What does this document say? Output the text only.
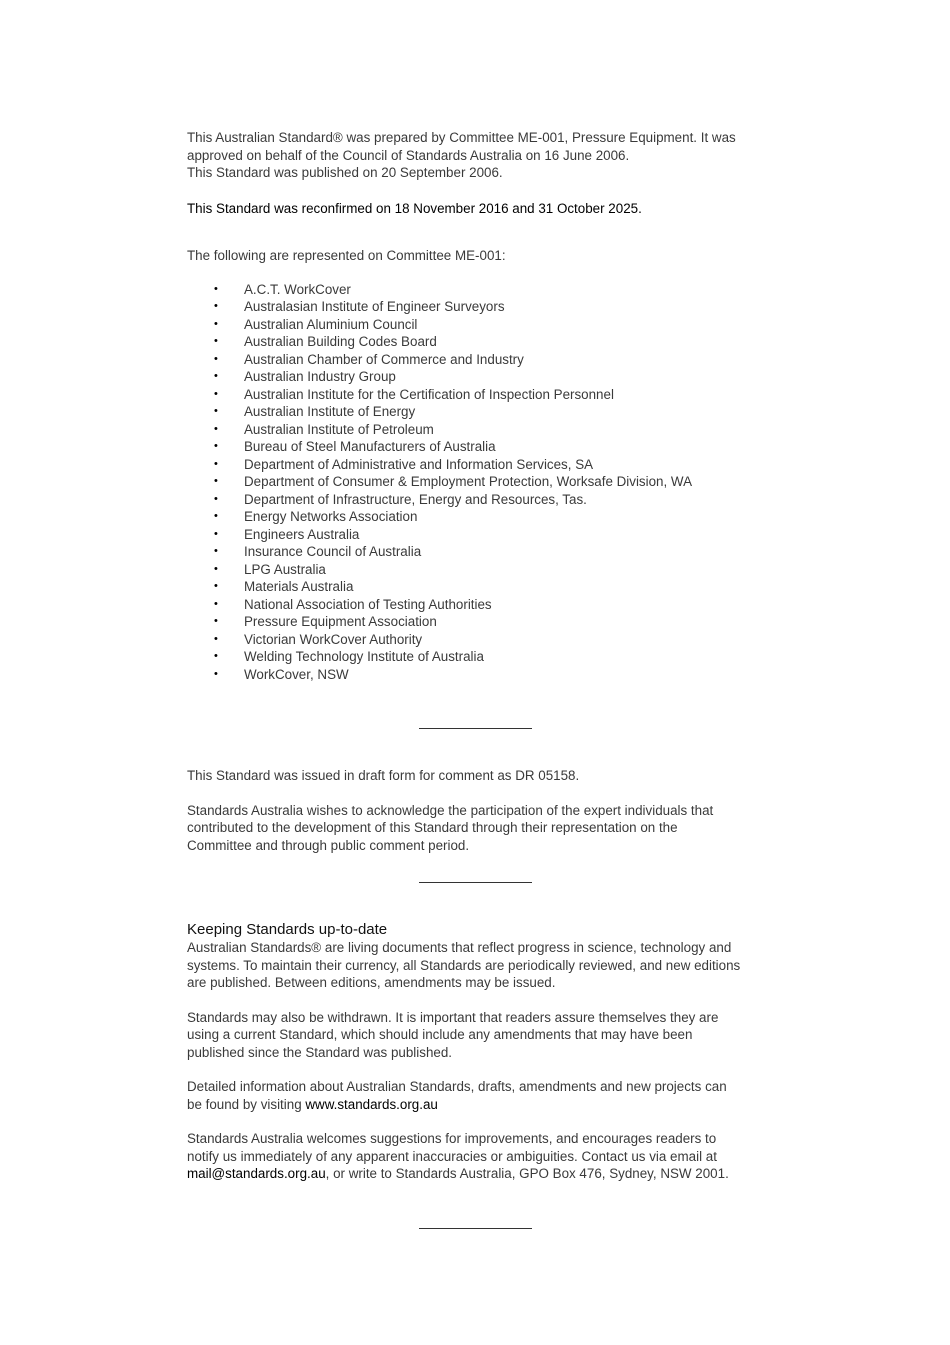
This Australian Standard® was prepared by Committee ME-001, Pressure Equipment. It was

approved on behalf of the Council of Standards Australia on 16 June 2006.

This Standard was published on 20 September 2006.

This Standard was reconfirmed on 18 November 2016 and 31 October 2025.

The following are represented on Committee ME-001:

• A.C.T. WorkCover
• Australasian Institute of Engineer Surveyors
• Australian Aluminium Council
• Australian Building Codes Board
• Australian Chamber of Commerce and Industry
• Australian Industry Group
• Australian Institute for the Certification of Inspection Personnel
• Australian Institute of Energy
• Australian Institute of Petroleum
• Bureau of Steel Manufacturers of Australia
• Department of Administrative and Information Services, SA
• Department of Consumer & Employment Protection, Worksafe Division, WA
• Department of Infrastructure, Energy and Resources, Tas.
• Energy Networks Association
• Engineers Australia
• Insurance Council of Australia
• LPG Australia
• Materials Australia
• National Association of Testing Authorities
• Pressure Equipment Association
• Victorian WorkCover Authority
• Welding Technology Institute of Australia
• WorkCover, NSW

This Standard was issued in draft form for comment as DR 05158.

Standards Australia wishes to acknowledge the participation of the expert individuals that

contributed to the development of this Standard through their representation on the

Committee and through public comment period.

Keeping Standards up-to-date

Australian Standards® are living documents that reflect progress in science, technology and

systems. To maintain their currency, all Standards are periodically reviewed, and new editions

are published. Between editions, amendments may be issued.

Standards may also be withdrawn. It is important that readers assure themselves they are

using a current Standard, which should include any amendments that may have been

published since the Standard was published.

Detailed information about Australian Standards, drafts, amendments and new projects can

be found by visiting www.standards.org.au

Standards Australia welcomes suggestions for improvements, and encourages readers to

notify us immediately of any apparent inaccuracies or ambiguities. Contact us via email at

mail@standards.org.au, or write to Standards Australia, GPO Box 476, Sydney, NSW 2001.
